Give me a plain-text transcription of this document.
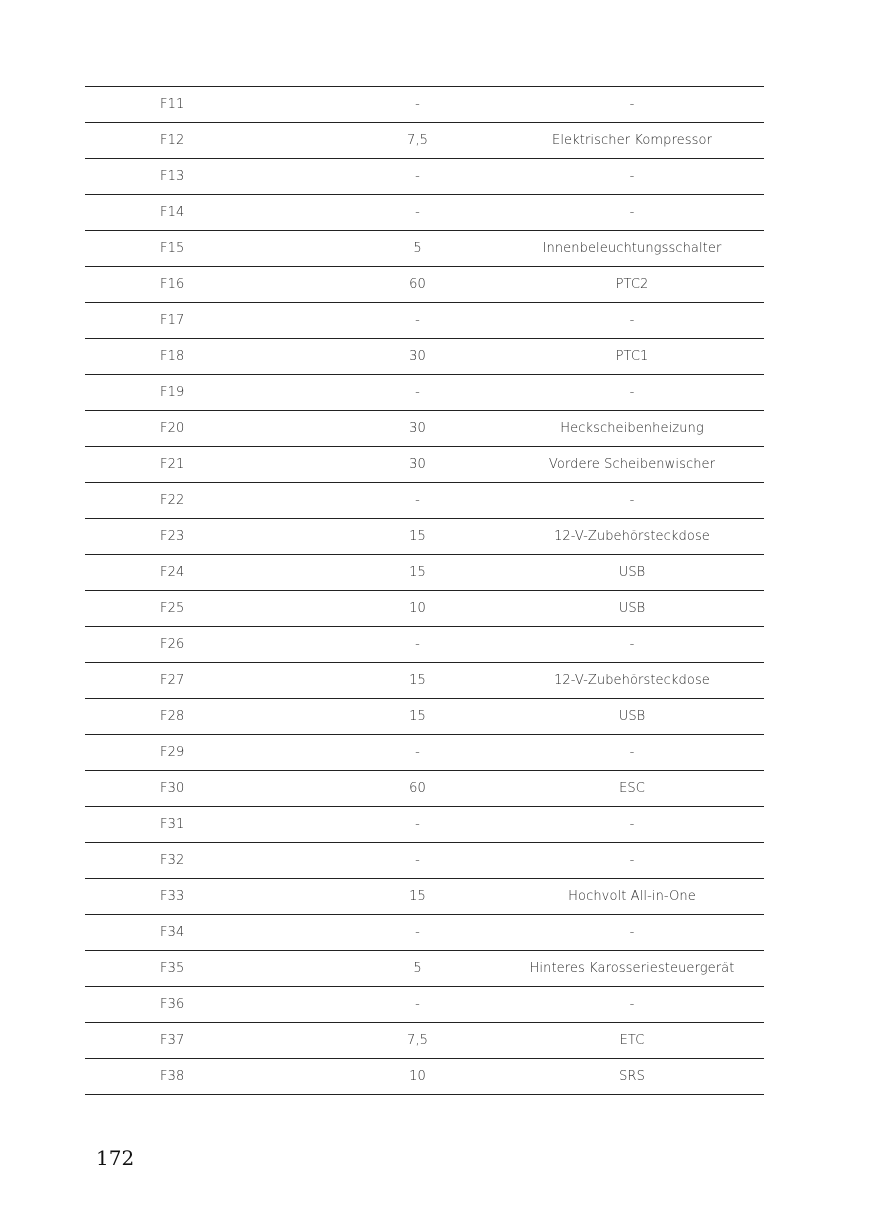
F11	-	-
F12	7,5	Elektrischer Kompressor
F13	-	-
F14	-	-
F15	5	Innenbeleuchtungsschalter
F16	60	PTC2
F17	-	-
F18	30	PTC1
F19	-	-
F20	30	Heckscheibenheizung
F21	30	Vordere Scheibenwischer
F22	-	-
F23	15	12-V-Zubehörsteckdose
F24	15	USB
F25	10	USB
F26	-	-
F27	15	12-V-Zubehörsteckdose
F28	15	USB
F29	-	-
F30	60	ESC
F31	-	-
F32	-	-
F33	15	Hochvolt All-in-One
F34	-	-
F35	5	Hinteres Karosseriesteuergerät
F36	-	-
F37	7,5	ETC
F38	10	SRS
172
